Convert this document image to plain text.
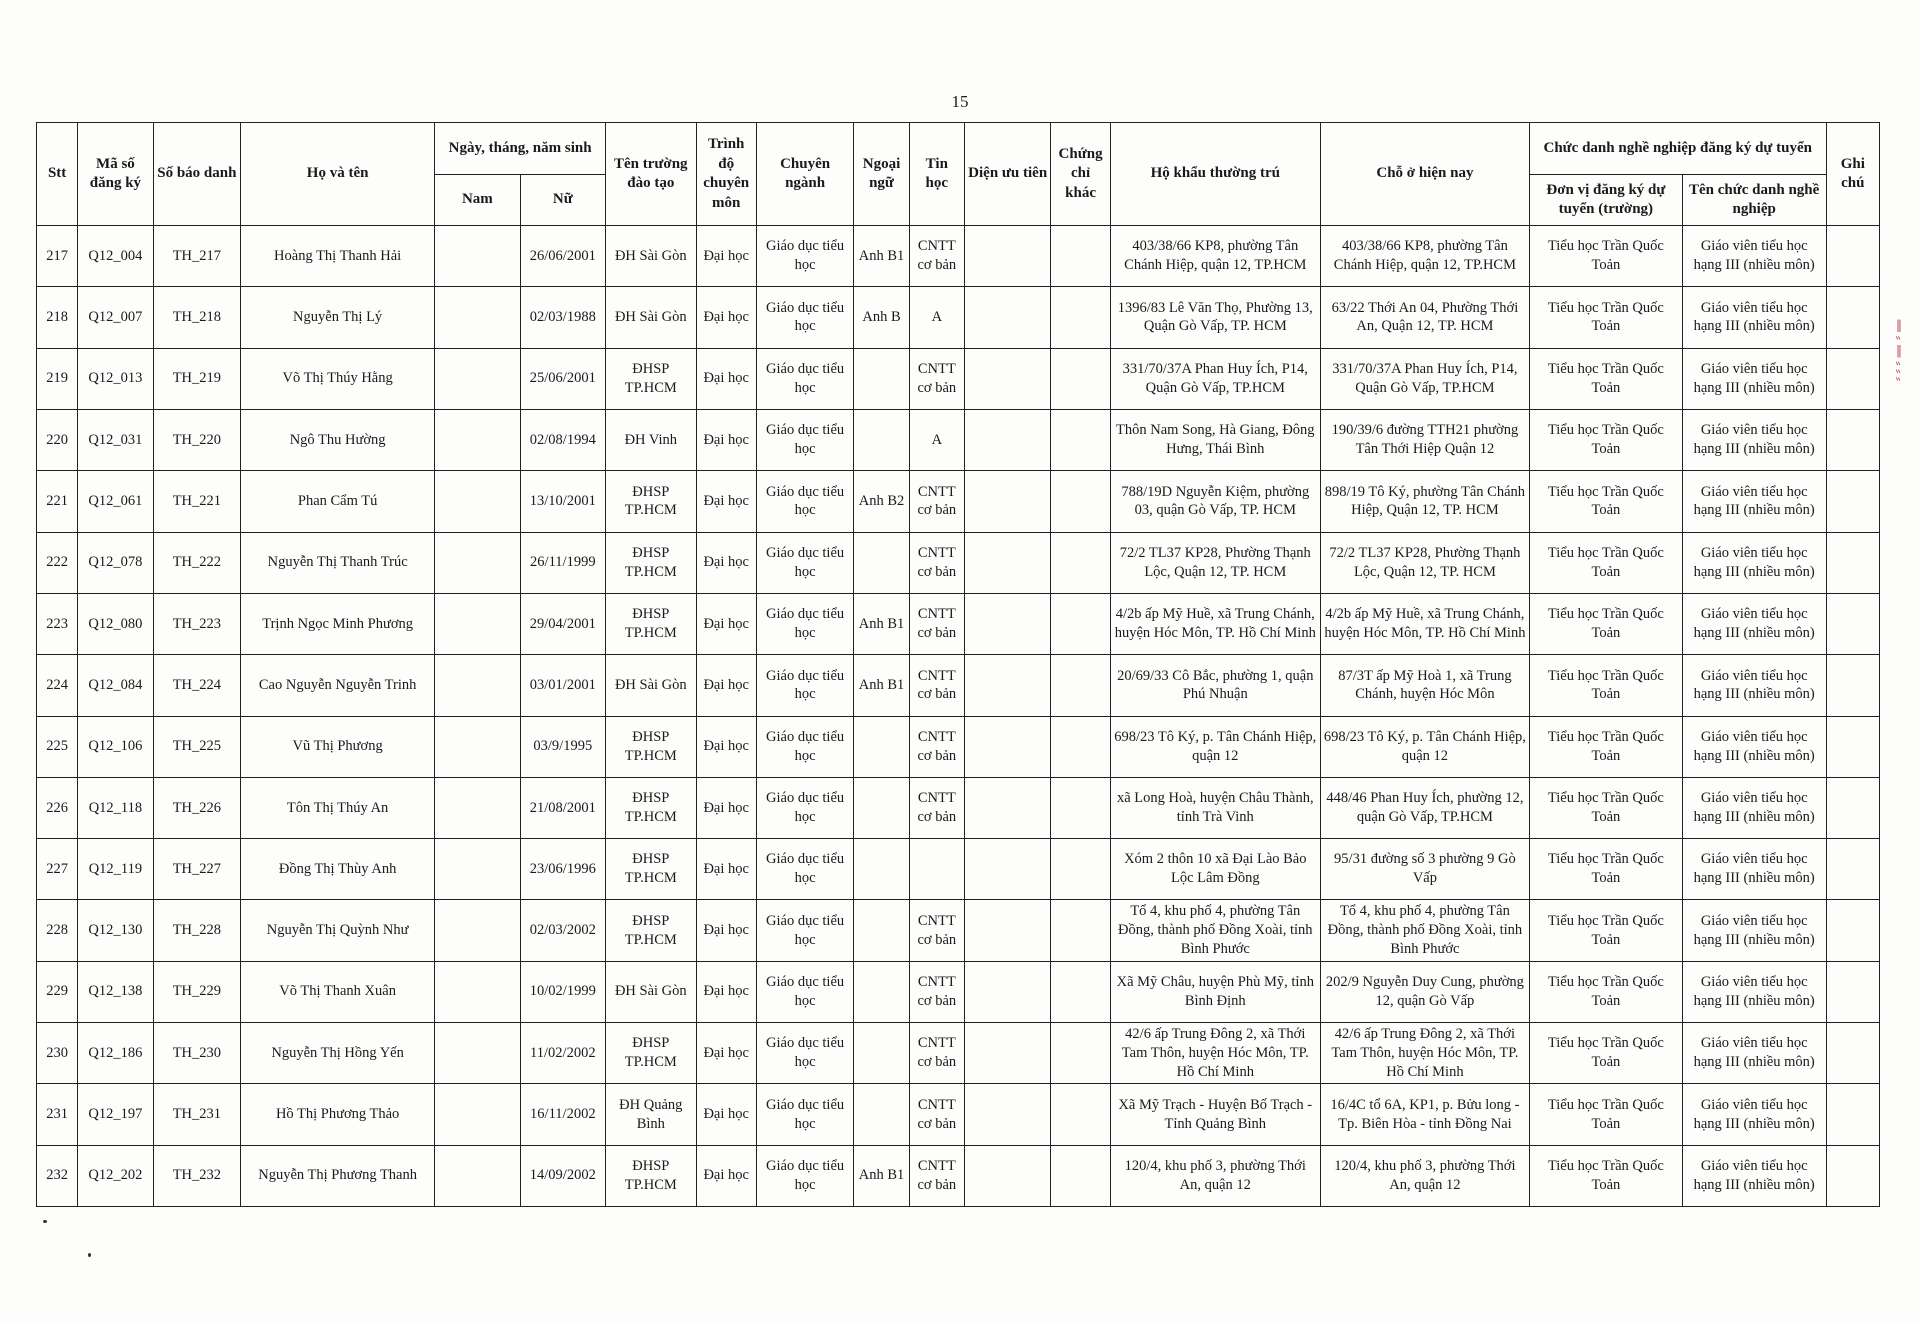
15
Stt	Mã số đăng ký	Số báo danh	Họ và tên	Ngày, tháng, năm sinh		Tên trường đào tạo	Trình độ chuyên môn	Chuyên ngành	Ngoại ngữ	Tin học	Diện ưu tiên	Chứng chỉ khác	Hộ khẩu thường trú	Chỗ ở hiện nay	Chức danh nghề nghiệp đăng ký dự tuyển		Ghi chú
				Nam	Nữ										Đơn vị đăng ký dự tuyển (trường)	Tên chức danh nghề nghiệp	
217	Q12_004	TH_217	Hoàng Thị Thanh Hải		26/06/2001	ĐH Sài Gòn	Đại học	Giáo dục tiểu học	Anh B1	CNTT cơ bản			403/38/66 KP8, phường Tân Chánh Hiệp, quận 12, TP.HCM	403/38/66 KP8, phường Tân Chánh Hiệp, quận 12, TP.HCM	Tiểu học Trần Quốc Toản	Giáo viên tiểu học hạng III (nhiều môn)	
218	Q12_007	TH_218	Nguyễn Thị Lý		02/03/1988	ĐH Sài Gòn	Đại học	Giáo dục tiểu học	Anh B	A			1396/83 Lê Văn Thọ, Phường 13, Quận Gò Vấp, TP. HCM	63/22 Thới An 04, Phường Thới An, Quận 12, TP. HCM	Tiểu học Trần Quốc Toản	Giáo viên tiểu học hạng III (nhiều môn)	
219	Q12_013	TH_219	Võ Thị Thúy Hằng		25/06/2001	ĐHSP TP.HCM	Đại học	Giáo dục tiểu học		CNTT cơ bản			331/70/37A Phan Huy Ích, P14, Quận Gò Vấp, TP.HCM	331/70/37A Phan Huy Ích, P14, Quận Gò Vấp, TP.HCM	Tiểu học Trần Quốc Toản	Giáo viên tiểu học hạng III (nhiều môn)	
220	Q12_031	TH_220	Ngô Thu Hường		02/08/1994	ĐH Vinh	Đại học	Giáo dục tiểu học		A			Thôn Nam Song, Hà Giang, Đông Hưng, Thái Bình	190/39/6 đường TTH21 phường Tân Thới Hiệp Quận 12	Tiểu học Trần Quốc Toản	Giáo viên tiểu học hạng III (nhiều môn)	
221	Q12_061	TH_221	Phan Cẩm Tú		13/10/2001	ĐHSP TP.HCM	Đại học	Giáo dục tiểu học	Anh B2	CNTT cơ bản			788/19D Nguyễn Kiệm, phường 03, quận Gò Vấp, TP. HCM	898/19 Tô Ký, phường Tân Chánh Hiệp, Quận 12, TP. HCM	Tiểu học Trần Quốc Toản	Giáo viên tiểu học hạng III (nhiều môn)	
222	Q12_078	TH_222	Nguyễn Thị Thanh Trúc		26/11/1999	ĐHSP TP.HCM	Đại học	Giáo dục tiểu học		CNTT cơ bản			72/2 TL37 KP28, Phường Thạnh Lộc, Quận 12, TP. HCM	72/2 TL37 KP28, Phường Thạnh Lộc, Quận 12, TP. HCM	Tiểu học Trần Quốc Toản	Giáo viên tiểu học hạng III (nhiều môn)	
223	Q12_080	TH_223	Trịnh Ngọc Minh Phương		29/04/2001	ĐHSP TP.HCM	Đại học	Giáo dục tiểu học	Anh B1	CNTT cơ bản			4/2b ấp Mỹ Huề, xã Trung Chánh, huyện Hóc Môn, TP. Hồ Chí Minh	4/2b ấp Mỹ Huề, xã Trung Chánh, huyện Hóc Môn, TP. Hồ Chí Minh	Tiểu học Trần Quốc Toản	Giáo viên tiểu học hạng III (nhiều môn)	
224	Q12_084	TH_224	Cao Nguyễn Nguyễn Trinh		03/01/2001	ĐH Sài Gòn	Đại học	Giáo dục tiểu học	Anh B1	CNTT cơ bản			20/69/33 Cô Bắc, phường 1, quận Phú Nhuận	87/3T ấp Mỹ Hoà 1, xã Trung Chánh, huyện Hóc Môn	Tiểu học Trần Quốc Toản	Giáo viên tiểu học hạng III (nhiều môn)	
225	Q12_106	TH_225	Vũ Thị Phương		03/9/1995	ĐHSP TP.HCM	Đại học	Giáo dục tiểu học		CNTT cơ bản			698/23 Tô Ký, p. Tân Chánh Hiệp, quận 12	698/23 Tô Ký, p. Tân Chánh Hiệp, quận 12	Tiểu học Trần Quốc Toản	Giáo viên tiểu học hạng III (nhiều môn)	
226	Q12_118	TH_226	Tôn Thị Thúy An		21/08/2001	ĐHSP TP.HCM	Đại học	Giáo dục tiểu học		CNTT cơ bản			xã Long Hoà, huyện Châu Thành, tỉnh Trà Vinh	448/46 Phan Huy Ích, phường 12, quận Gò Vấp, TP.HCM	Tiểu học Trần Quốc Toản	Giáo viên tiểu học hạng III (nhiều môn)	
227	Q12_119	TH_227	Đồng Thị Thùy Anh		23/06/1996	ĐHSP TP.HCM	Đại học	Giáo dục tiểu học					Xóm 2 thôn 10 xã Đại Lào Bảo Lộc Lâm Đồng	95/31 đường số 3 phường 9 Gò Vấp	Tiểu học Trần Quốc Toản	Giáo viên tiểu học hạng III (nhiều môn)	
228	Q12_130	TH_228	Nguyễn Thị Quỳnh Như		02/03/2002	ĐHSP TP.HCM	Đại học	Giáo dục tiểu học		CNTT cơ bản			Tổ 4, khu phố 4, phường Tân Đồng, thành phố Đồng Xoài, tỉnh Bình Phước	Tổ 4, khu phố 4, phường Tân Đồng, thành phố Đồng Xoài, tỉnh Bình Phước	Tiểu học Trần Quốc Toản	Giáo viên tiểu học hạng III (nhiều môn)	
229	Q12_138	TH_229	Võ Thị Thanh Xuân		10/02/1999	ĐH Sài Gòn	Đại học	Giáo dục tiểu học		CNTT cơ bản			Xã Mỹ Châu, huyện Phù Mỹ, tỉnh Bình Định	202/9 Nguyễn Duy Cung, phường 12, quận Gò Vấp	Tiểu học Trần Quốc Toản	Giáo viên tiểu học hạng III (nhiều môn)	
230	Q12_186	TH_230	Nguyễn Thị Hồng Yến		11/02/2002	ĐHSP TP.HCM	Đại học	Giáo dục tiểu học		CNTT cơ bản			42/6 ấp Trung Đông 2, xã Thới Tam Thôn, huyện Hóc Môn, TP. Hồ Chí Minh	42/6 ấp Trung Đông 2, xã Thới Tam Thôn, huyện Hóc Môn, TP. Hồ Chí Minh	Tiểu học Trần Quốc Toản	Giáo viên tiểu học hạng III (nhiều môn)	
231	Q12_197	TH_231	Hồ Thị Phương Thảo		16/11/2002	ĐH Quảng Bình	Đại học	Giáo dục tiểu học		CNTT cơ bản			Xã Mỹ Trạch - Huyện Bố Trạch - Tỉnh Quảng Bình	16/4C tổ 6A, KP1, p. Bửu long - Tp. Biên Hòa - tỉnh Đồng Nai	Tiểu học Trần Quốc Toản	Giáo viên tiểu học hạng III (nhiều môn)	
232	Q12_202	TH_232	Nguyễn Thị Phương Thanh		14/09/2002	ĐHSP TP.HCM	Đại học	Giáo dục tiểu học	Anh B1	CNTT cơ bản			120/4, khu phố 3, phường Thới An, quận 12	120/4, khu phố 3, phường Thới An, quận 12	Tiểu học Trần Quốc Toản	Giáo viên tiểu học hạng III (nhiều môn)	
‖ ⸗ ‖ ⸗ ⸗ ⸗
